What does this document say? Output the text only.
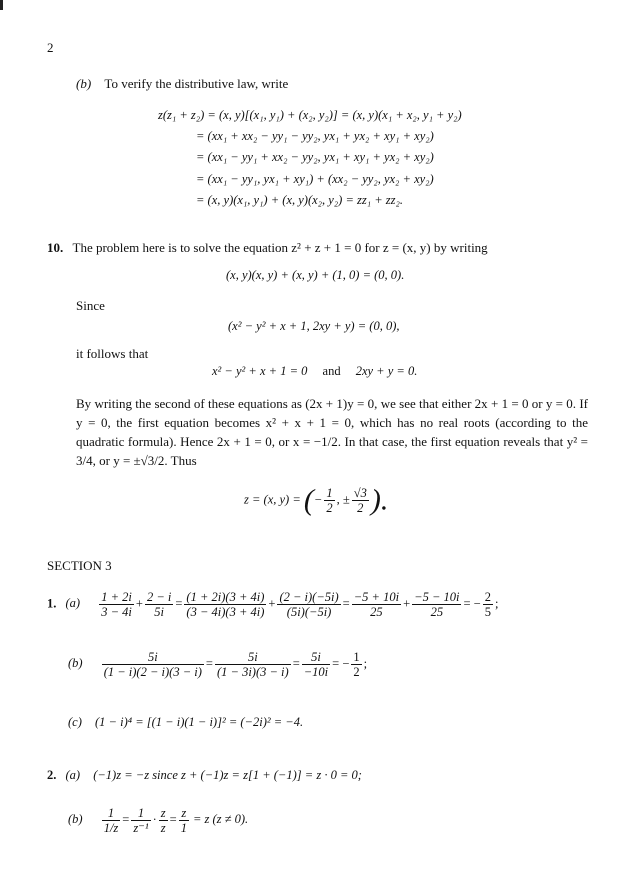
2
(b) To verify the distributive law, write
z(z₁ + z₂) = (x, y)[(x₁, y₁) + (x₂, y₂)] = (x, y)(x₁ + x₂, y₁ + y₂)
= (xx₁ + xx₂ − yy₁ − yy₂, yx₁ + yx₂ + xy₁ + xy₂)
= (xx₁ − yy₁ + xx₂ − yy₂, yx₁ + xy₁ + yx₂ + xy₂)
= (xx₁ − yy₁, yx₁ + xy₁) + (xx₂ − yy₂, yx₂ + xy₂)
= (x, y)(x₁, y₁) + (x, y)(x₂, y₂) = zz₁ + zz₂.
10. The problem here is to solve the equation z² + z + 1 = 0 for z = (x, y) by writing
(x, y)(x, y) + (x, y) + (1, 0) = (0, 0).
Since
(x² − y² + x + 1, 2xy + y) = (0, 0),
it follows that
x² − y² + x + 1 = 0 and 2xy + y = 0.
By writing the second of these equations as (2x + 1)y = 0, we see that either 2x + 1 = 0 or y = 0. If y = 0, the first equation becomes x² + x + 1 = 0, which has no real roots (according to the quadratic formula). Hence 2x + 1 = 0, or x = −1/2. In that case, the first equation reveals that y² = 3/4, or y = ±√3/2. Thus
z = (x, y) = (− $\frac{1}{2}$ , ± $\frac{√3}{2}$ ).
SECTION 3
1. $(a) \frac{1 + 2i}{3 - 4i} + \frac{2 - i}{5i} = \frac{(1 + 2i)(3 + 4i)}{(3 - 4i)(3 + 4i)} + \frac{(2 - i)(-5i)}{(5i)(-5i)} = \frac{-5 + 10i}{25} + \frac{-5 - 10i}{25}$ = − $\frac{2}{5}$ ;
$(b) \frac{5i}{(1 - i)(2 - i)(3 - i)} = \frac{5i}{(1 - 3i)(3 - i)} = \frac{5i}{-10i}$ = − $\frac{1}{2}$ ;
(c) (1 − i)⁴ = [(1 − i)(1 − i)]² = (−2i)² = −4.
2. (a) (−1)z = −z since z + (−1)z = z[1 + (−1)] = z · 0 = 0;
$(b) \frac{1}{1/z} = \frac{1}{\text{z⁻¹}} \cdot \frac{z}{z} = \frac{z}{1} = z$ (z ≠ 0).
